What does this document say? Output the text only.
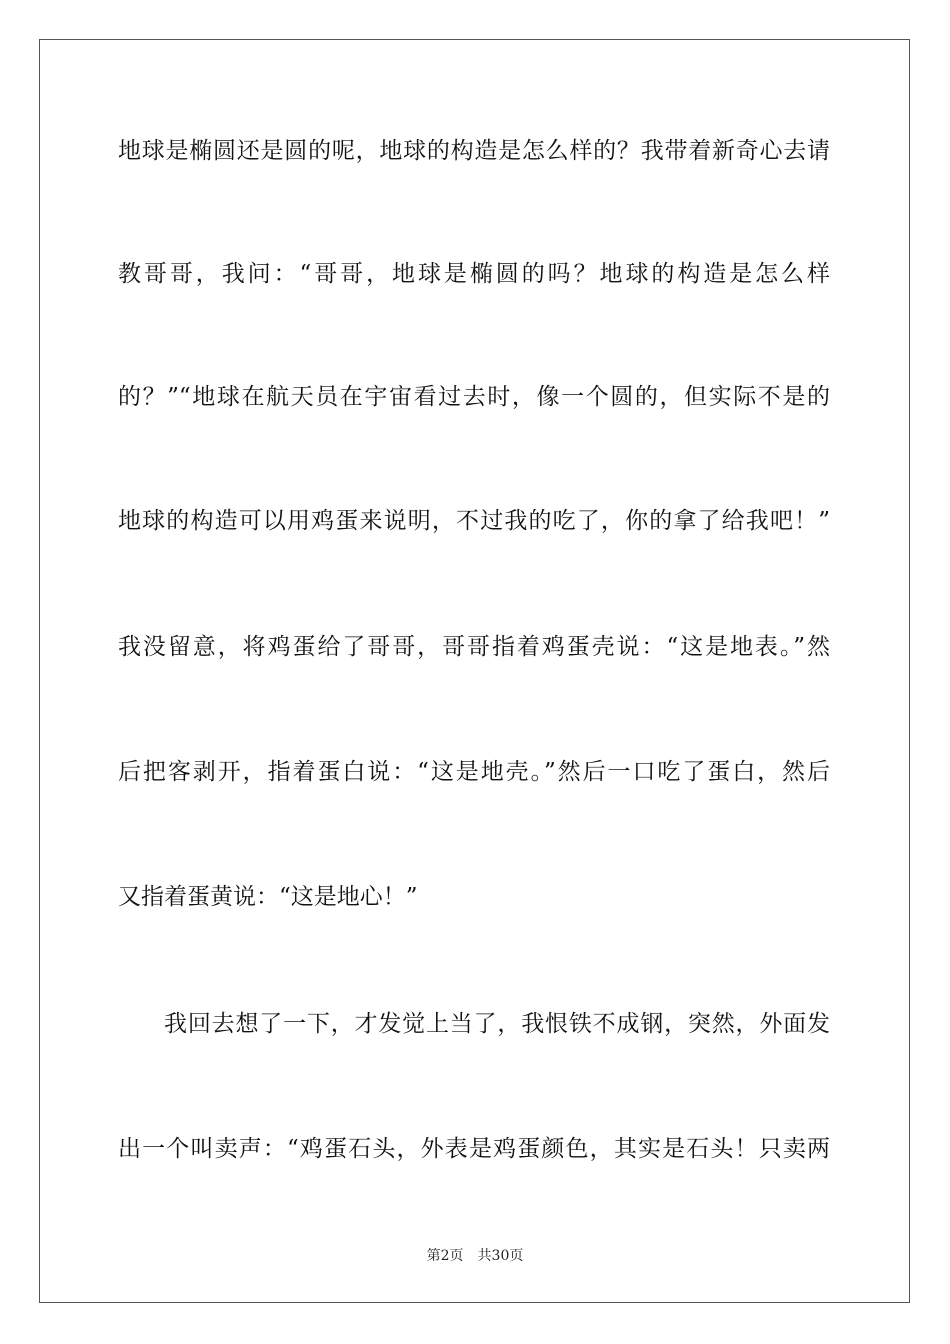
地球是椭圆还是圆的呢，地球的构造是怎么样的？我带着新奇心去请
教哥哥，我问：“哥哥，地球是椭圆的吗？地球的构造是怎么样
的？”“地球在航天员在宇宙看过去时，像一个圆的，但实际不是的
地球的构造可以用鸡蛋来说明，不过我的吃了，你的拿了给我吧！”
我没留意，将鸡蛋给了哥哥，哥哥指着鸡蛋壳说：“这是地表。”然
后把客剥开，指着蛋白说：“这是地壳。”然后一口吃了蛋白，然后
又指着蛋黄说：“这是地心！”
我回去想了一下，才发觉上当了，我恨铁不成钢，突然，外面发
出一个叫卖声：“鸡蛋石头，外表是鸡蛋颜色，其实是石头！只卖两
第2页 共30页
